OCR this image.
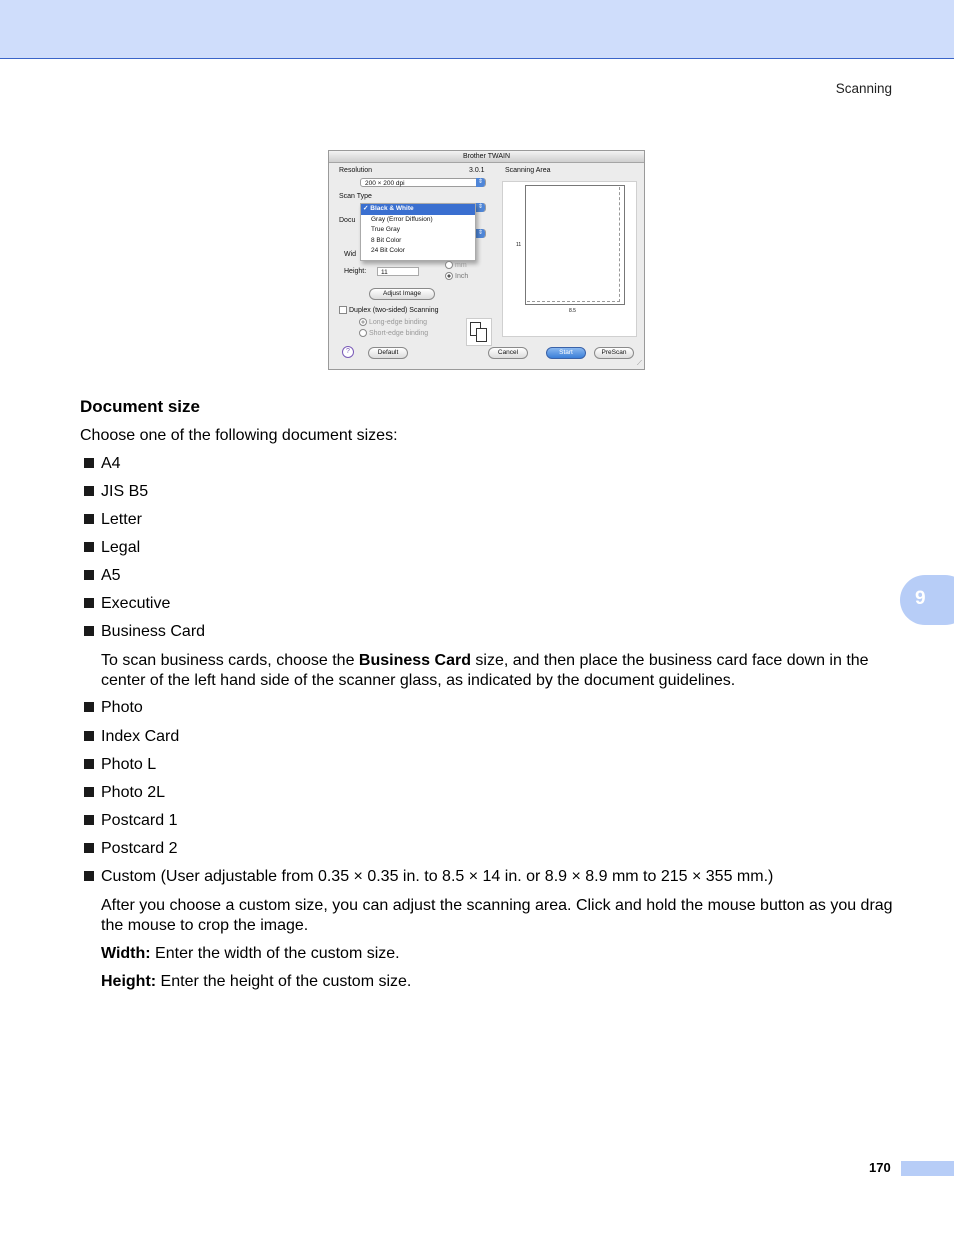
Scanning
9
Brother TWAIN
Resolution	3.0.1
200 × 200 dpi	⇕
Scan Type
⇕
Docu
⇕
✓ Black & White
Gray (Error Diffusion)
True Gray
8 Bit Color
24 Bit Color
Wid
mm
Height:	11
Inch
Adjust Image
Duplex (two-sided) Scanning
Long-edge binding
Short-edge binding
Scanning Area
11
8.5
?	Default	Cancel	Start	PreScan
⟋
Document size
Choose one of the following document sizes:
A4
JIS B5
Letter
Legal
A5
Executive
Business Card
To scan business cards, choose the Business Card size, and then place the business card face down in the center of the left hand side of the scanner glass, as indicated by the document guidelines.
Photo
Index Card
Photo L
Photo 2L
Postcard 1
Postcard 2
Custom (User adjustable from 0.35 × 0.35 in. to 8.5 × 14 in. or 8.9 × 8.9 mm to 215 × 355 mm.)
After you choose a custom size, you can adjust the scanning area. Click and hold the mouse button as you drag the mouse to crop the image.
Width: Enter the width of the custom size.
Height: Enter the height of the custom size.
170
